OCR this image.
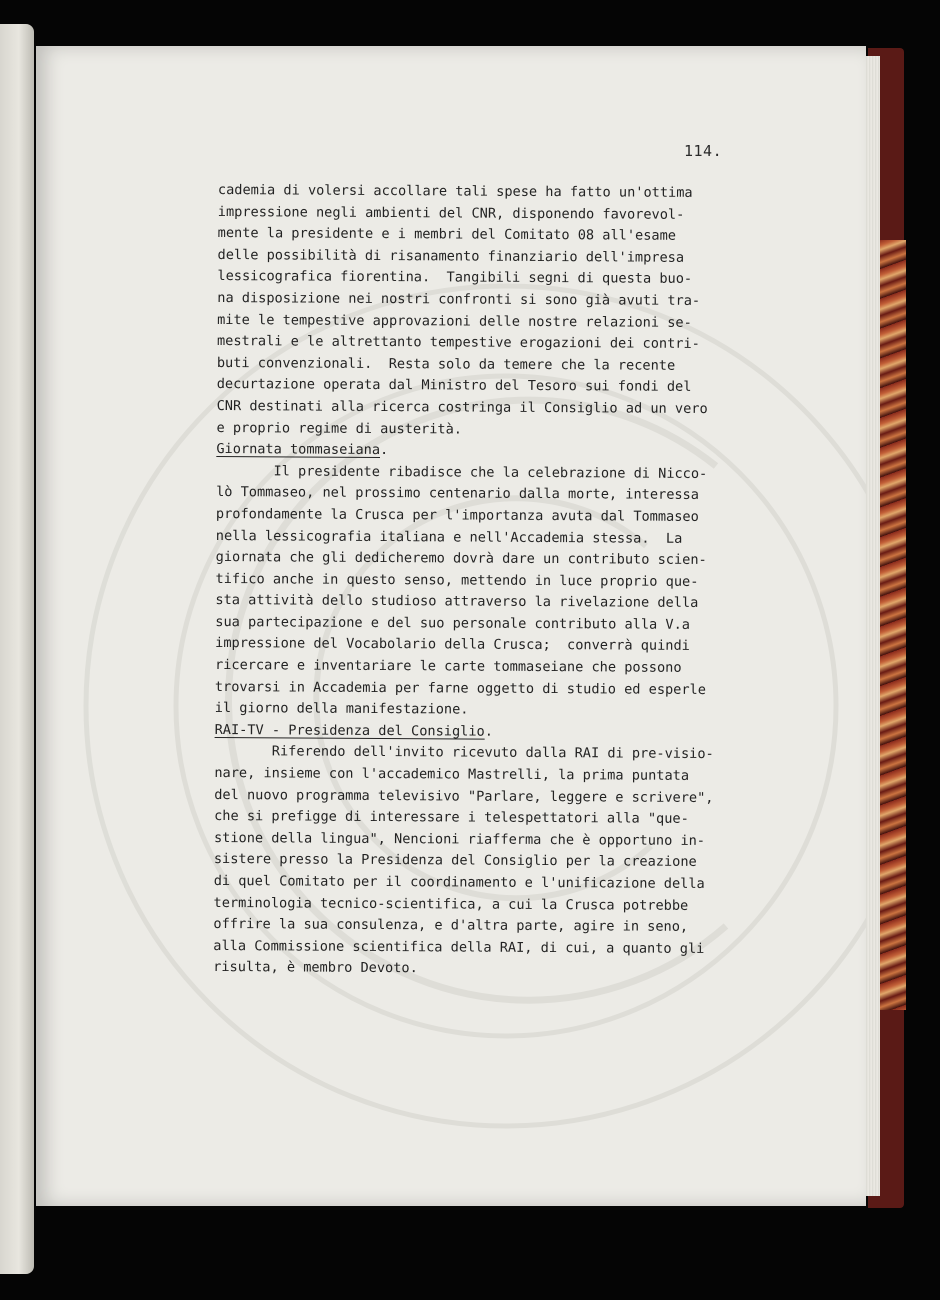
114.
cademia di volersi accollare tali spese ha fatto un'ottima
impressione negli ambienti del CNR, disponendo favorevol-
mente la presidente e i membri del Comitato 08 all'esame
delle possibilità di risanamento finanziario dell'impresa
lessicografica fiorentina.  Tangibili segni di questa buo-
na disposizione nei nostri confronti si sono già avuti tra-
mite le tempestive approvazioni delle nostre relazioni se-
mestrali e le altrettanto tempestive erogazioni dei contri-
buti convenzionali.  Resta solo da temere che la recente
decurtazione operata dal Ministro del Tesoro sui fondi del
CNR destinati alla ricerca costringa il Consiglio ad un vero
e proprio regime di austerità.
Giornata tommaseiana.
Il presidente ribadisce che la celebrazione di Nicco-
lò Tommaseo, nel prossimo centenario dalla morte, interessa
profondamente la Crusca per l'importanza avuta dal Tommaseo
nella lessicografia italiana e nell'Accademia stessa.  La
giornata che gli dedicheremo dovrà dare un contributo scien-
tifico anche in questo senso, mettendo in luce proprio que-
sta attività dello studioso attraverso la rivelazione della
sua partecipazione e del suo personale contributo alla V.a
impressione del Vocabolario della Crusca;  converrà quindi
ricercare e inventariare le carte tommaseiane che possono
trovarsi in Accademia per farne oggetto di studio ed esperle
il giorno della manifestazione.
RAI-TV - Presidenza del Consiglio.
Riferendo dell'invito ricevuto dalla RAI di pre-visio-
nare, insieme con l'accademico Mastrelli, la prima puntata
del nuovo programma televisivo "Parlare, leggere e scrivere",
che si prefigge di interessare i telespettatori alla "que-
stione della lingua", Nencioni riafferma che è opportuno in-
sistere presso la Presidenza del Consiglio per la creazione
di quel Comitato per il coordinamento e l'unificazione della
terminologia tecnico-scientifica, a cui la Crusca potrebbe
offrire la sua consulenza, e d'altra parte, agire in seno,
alla Commissione scientifica della RAI, di cui, a quanto gli
risulta, è membro Devoto.
